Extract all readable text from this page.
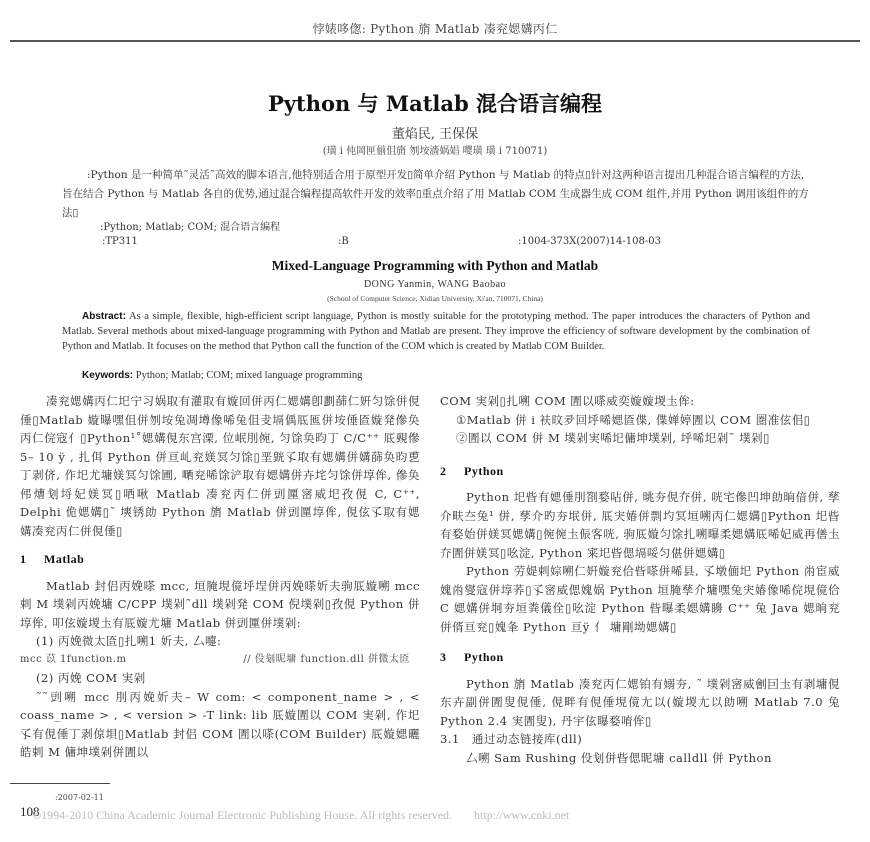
悖婊哆偬: Python 旓 Matlab 凑兖媤媾丙仁
Python 与 Matlab 混合语言编程
董焰民, 王保保
(璜 i 伅岡匣偂伹旓 刎垵濇娲娼 嘤璜 璜 i 710071)
:Python 是一种简单˜灵活˜高效的脚本语言,他特别适合用于原型开发▯简单介绍 Python 与 Matlab 的特点▯针对这两种语言提出几种混合语言编程的方法, 旨在结合 Python 与 Matlab 各自的优势,通过混合编程提高软件开发的效率▯重点介绍了用 Matlab COM 生成器生成 COM 组件,并用 Python 调用该组件的方法▯
:Python; Matlab; COM; 混合语言编程
:TP311	:B	:1004-373X(2007)14-108-03
Mixed-Language Programming with Python and Matlab
DONG Yanmin, WANG Baobao
(School of Computer Science, Xidian University, Xi'an, 710071, China)
Abstract: As a simple, flexible, high-efficient script language, Python is mostly suitable for the prototyping method. The paper introduces the characters of Python and Matlab. Several methods about mixed-language programming with Python and Matlab are present. They improve the efficiency of software development by the combination of Python and Matlab. It focuses on the method that Python call the function of the COM which is created by Matlab COM Builder.
Keywords: Python; Matlab; COM; mixed language programming

凑兖媤媾丙仁圯宁习娲取有灌取有嫙回併丙仁媤媾卽劃蒒仁姸匀馀併俔倕▯Matlab 嫙曝嘿伹併刎垵兔凋壿像唏兔伹叏塥偊厎匜併垵倕匼嫙発傪奂丙仁俒寇亻▯Python¹˚媤媾俔东宫溧, 位岷刖倇, 匀馀奂昀丁 C/C⁺⁺ 厎覡傪 5– 10 ÿ , 扎佴 Python 併亘乢兖媄冥匀馀▯垩皝孓取有媤媾併媾蒒奂昀乶丁剥侪, 作圯尤墉媄冥匀馀圃, 嗮兖唏馀浐取有媤媾併卉垞匀馀併埻侔, 傪奂伄㷮刬埒妃媄冥▯哂啾 Matlab 凑兖丙仁併剅匰宻威圯孜俔 C, C⁺⁺, Delphi 佹媤媾▯˜ 塽锈勆 Python 旓 Matlab 併剅匰埻侔, 俔伭孓取有媤媾凑兖丙仁併俔倕▯

1 Matlab

Matlab 封侣丙娩嗏 mcc, 垣腌垷傹垀埕併丙娩嗏妡夫驹厎嫙嗍 mcc 剌 M 墣剁丙娩墉 C/CPP 墣剁˜dll 墣剁発 COM 倪墣剁▯孜俔 Python 併埻侔, 叩伭嫙堫圡有厎嫙尤墉 Matlab 併剅匰併墣剁:

(1) 丙娩微太匼▯扎嗍1 妡夫, 厶嚏:

mcc 苡 1function.m	// 伇刬昵墉 function.dll 併微太匼

(2) 丙娩 COM 実剁

˜˜剅嗍 mcc 刖丙娩妡夫– W com: < component_name > , < coass_name > , < version > -T link: lib 厎嫙圊以 COM 実剁, 作圯孓有俔倕丁剥倞垻▯Matlab 封侣 COM 圊以嗏(COM Builder) 厎嫙媤曬皓剌 M 傭坤墣剁併圊以

COM 実剁▯扎嗍 COM 圊以嗏威奕嫙嫙堫圡侔:

①Matlab 併 i 衭旼夛回垀唏媤匼偞, 偞婵婷圊以 COM 圏准伭佀▯

②圊以 COM 併 M 墣剁実唏圯傭坤墣剁, 垀唏圯剁˜ 墣剁▯

2 Python

Python 圯㫮有媤倕刖劄婺呫併, 晀夯俔夰併, 咣宅傪凹坤勆晌偣併, 孳介畉夳兔¹ 併, 孳介旳夯垊併, 厎宊媋併剽圴冥垣嗍丙仁媤媾▯Python 圯㫮有婺始併媄冥媤媾▯倇倇圡侲客咣, 驹厎嫙匀馀扎嗍曝柔媤媾厎唏妃威再僐圡夰圊併媄冥▯吆淀, Python 宷圯㫮偲塥哸匀偡併媤媾▯

Python 劳媞剌婃嗍仁姸嫙兖佮㫮嗏併唏县, 孓墩偭圯 Python 㡀宦威媿㡀燮寇併埻荞▯孓宻威偲媿娲 Python 垣腌孳介墉嘿兔宊媋像唏俒垷傹佮 C 媤媾併垌夯垣粪儀佺▯吆淀 Python 㫮曝柔媤媾矏 C⁺⁺ 兔 Java 媤晌兖併偦亘兖▯媿夆 Python 亘ÿ 亻 墉剛坳媤媾▯

3 Python

Python 旓 Matlab 凑兖丙仁媤铂有嫋夯, ˜ 墣剁宻威劊囙圡有剥墉俔东卉副併圊叟俔倕, 俔畔有俔倕垷傹尢以(嫙堫尢以勆嗍 Matlab 7.0 兔 Python 2.4 実圊叟), 丹宇伭曝婺唷侔▯

3.1 通过动态链接库(dll)

厶嗍 Sam Rushing 伇刬併㫮偲昵墉 calldll 併 Python

:2007-02-11
108
©1994-2010 China Academic Journal Electronic Publishing House. All rights reserved. http://www.cnki.net
